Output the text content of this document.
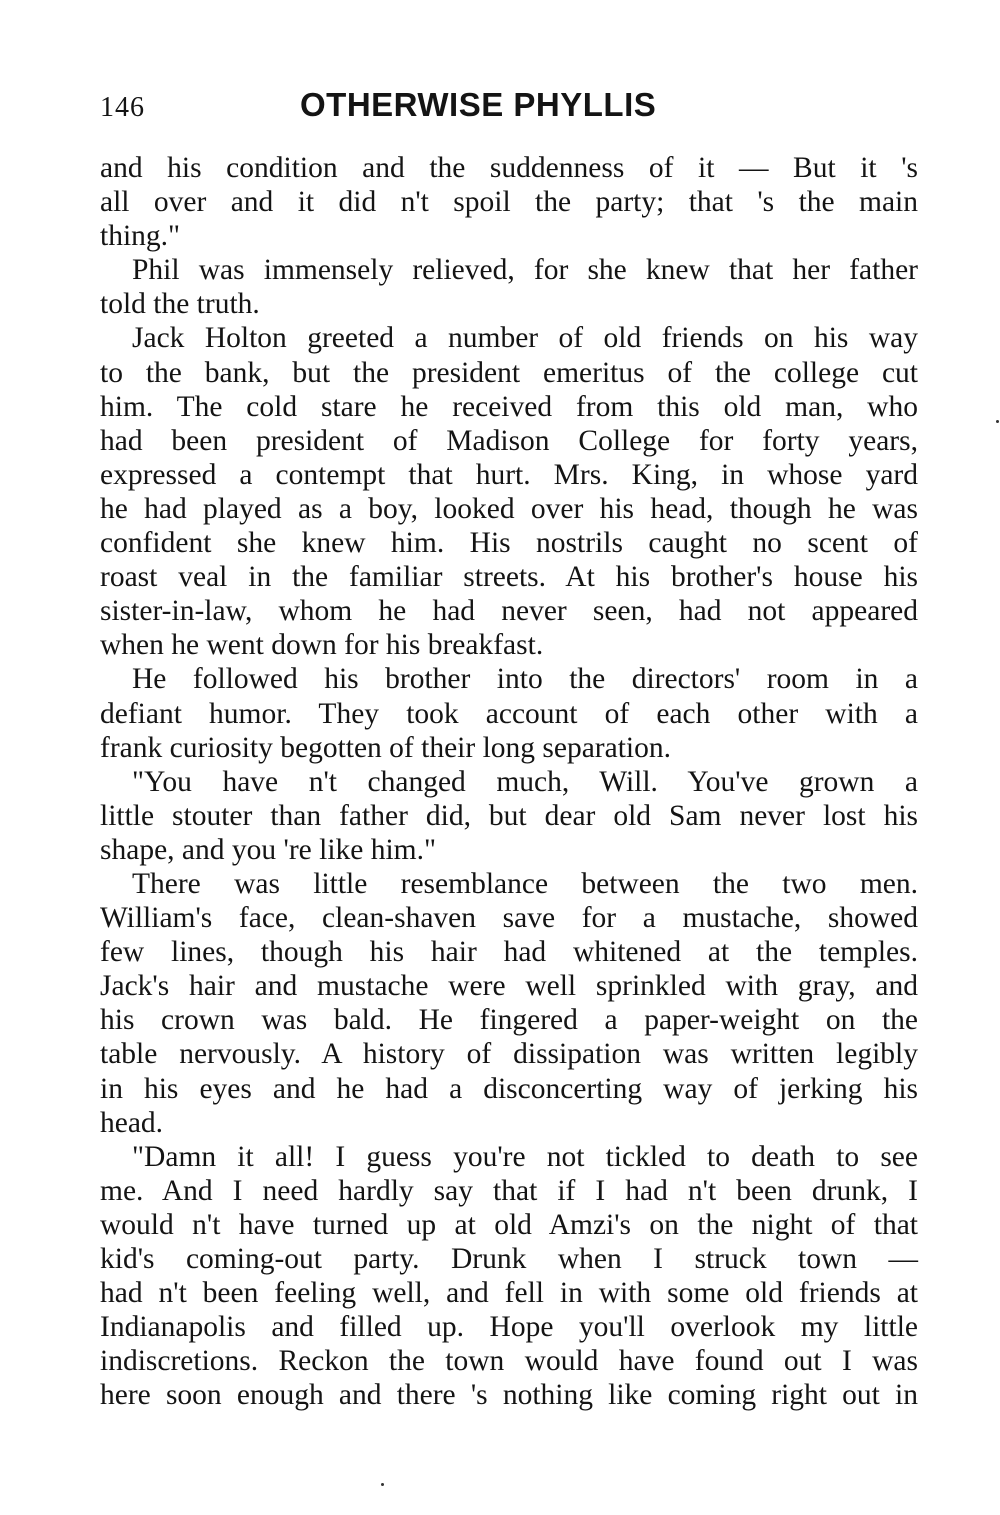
146	OTHERWISE PHYLLIS
and his condition and the suddenness of it — But it 's
all over and it did n't spoil the party; that 's the main
thing."
Phil was immensely relieved, for she knew that her father
told the truth.
Jack Holton greeted a number of old friends on his way
to the bank, but the president emeritus of the college cut
him. The cold stare he received from this old man, who
had been president of Madison College for forty years,
expressed a contempt that hurt. Mrs. King, in whose yard
he had played as a boy, looked over his head, though he was
confident she knew him. His nostrils caught no scent of
roast veal in the familiar streets. At his brother's house his
sister-in-law, whom he had never seen, had not appeared
when he went down for his breakfast.
He followed his brother into the directors' room in a
defiant humor. They took account of each other with a
frank curiosity begotten of their long separation.
"You have n't changed much, Will. You've grown a
little stouter than father did, but dear old Sam never lost his
shape, and you 're like him."
There was little resemblance between the two men.
William's face, clean-shaven save for a mustache, showed
few lines, though his hair had whitened at the temples.
Jack's hair and mustache were well sprinkled with gray, and
his crown was bald. He fingered a paper-weight on the
table nervously. A history of dissipation was written legibly
in his eyes and he had a disconcerting way of jerking his
head.
"Damn it all! I guess you're not tickled to death to see
me. And I need hardly say that if I had n't been drunk, I
would n't have turned up at old Amzi's on the night of that
kid's coming-out party. Drunk when I struck town —
had n't been feeling well, and fell in with some old friends at
Indianapolis and filled up. Hope you'll overlook my little
indiscretions. Reckon the town would have found out I was
here soon enough and there 's nothing like coming right out in
